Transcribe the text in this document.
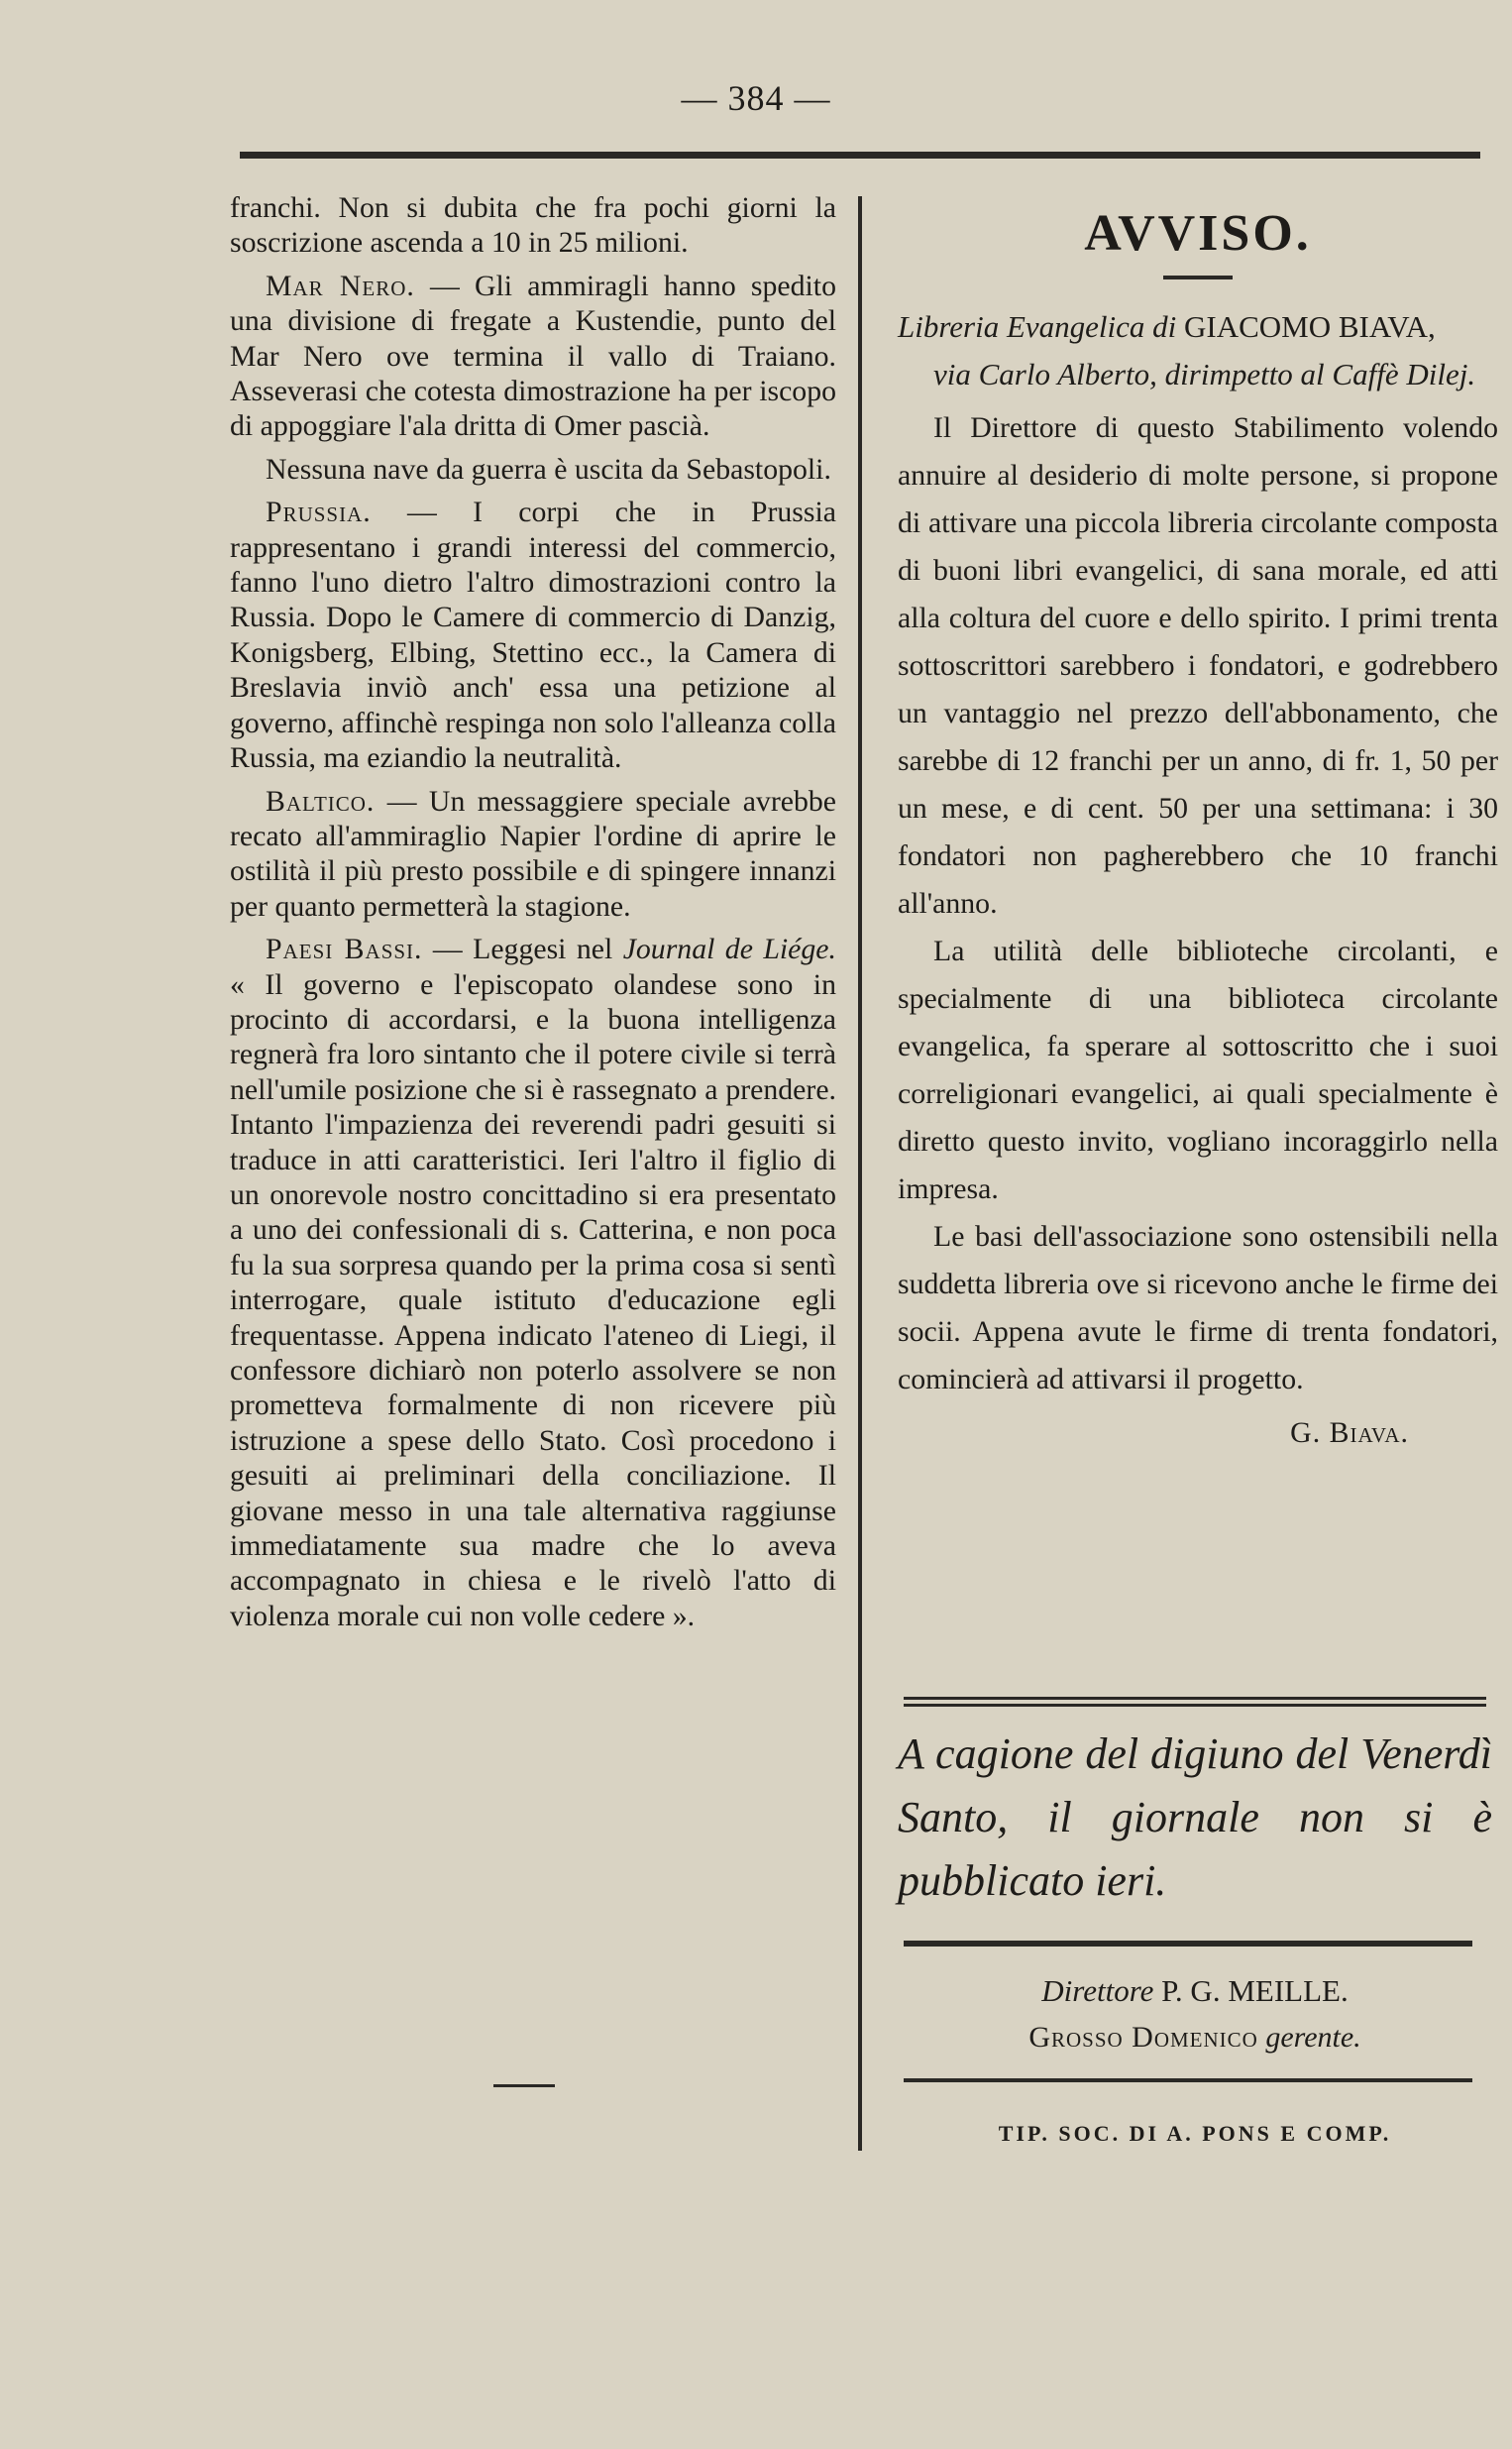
— 384 —

franchi. Non si dubita che fra pochi giorni la soscrizione ascenda a 10 in 25 milioni.

Mar Nero. — Gli ammiragli hanno spedito una divisione di fregate a Kustendie, punto del Mar Nero ove termina il vallo di Traiano. Asseverasi che cotesta dimostrazione ha per iscopo di appoggiare l'ala dritta di Omer pascià.

Nessuna nave da guerra è uscita da Sebastopoli.

Prussia. — I corpi che in Prussia rappresentano i grandi interessi del commercio, fanno l'uno dietro l'altro dimostrazioni contro la Russia. Dopo le Camere di commercio di Danzig, Konigsberg, Elbing, Stettino ecc., la Camera di Breslavia inviò anch' essa una petizione al governo, affinchè respinga non solo l'alleanza colla Russia, ma eziandio la neutralità.

Baltico. — Un messaggiere speciale avrebbe recato all'ammiraglio Napier l'ordine di aprire le ostilità il più presto possibile e di spingere innanzi per quanto permetterà la stagione.

Paesi Bassi. — Leggesi nel Journal de Liége. « Il governo e l'episcopato olandese sono in procinto di accordarsi, e la buona intelligenza regnerà fra loro sintanto che il potere civile si terrà nell'umile posizione che si è rassegnato a prendere. Intanto l'impazienza dei reverendi padri gesuiti si traduce in atti caratteristici. Ieri l'altro il figlio di un onorevole nostro concittadino si era presentato a uno dei confessionali di s. Catterina, e non poca fu la sua sorpresa quando per la prima cosa si sentì interrogare, quale istituto d'educazione egli frequentasse. Appena indicato l'ateneo di Liegi, il confessore dichiarò non poterlo assolvere se non prometteva formalmente di non ricevere più istruzione a spese dello Stato. Così procedono i gesuiti ai preliminari della conciliazione. Il giovane messo in una tale alternativa raggiunse immediatamente sua madre che lo aveva accompagnato in chiesa e le rivelò l'atto di violenza morale cui non volle cedere ».

AVVISO.
Libreria Evangelica di GIACOMO BIAVA,
via Carlo Alberto, dirimpetto al Caffè Dilej.

Il Direttore di questo Stabilimento volendo annuire al desiderio di molte persone, si propone di attivare una piccola libreria circolante composta di buoni libri evangelici, di sana morale, ed atti alla coltura del cuore e dello spirito. I primi trenta sottoscrittori sarebbero i fondatori, e godrebbero un vantaggio nel prezzo dell'abbonamento, che sarebbe di 12 franchi per un anno, di fr. 1, 50 per un mese, e di cent. 50 per una settimana: i 30 fondatori non pagherebbero che 10 franchi all'anno.

La utilità delle biblioteche circolanti, e specialmente di una biblioteca circolante evangelica, fa sperare al sottoscritto che i suoi correligionari evangelici, ai quali specialmente è diretto questo invito, vogliano incoraggirlo nella impresa.

Le basi dell'associazione sono ostensibili nella suddetta libreria ove si ricevono anche le firme dei socii. Appena avute le firme di trenta fondatori, comincierà ad attivarsi il progetto.

G. Biava.
A cagione del digiuno del Venerdì Santo, il giornale non si è pubblicato ieri.
Direttore P. G. MEILLE.
Grosso Domenico gerente.
TIP. SOC. DI A. PONS E COMP.
